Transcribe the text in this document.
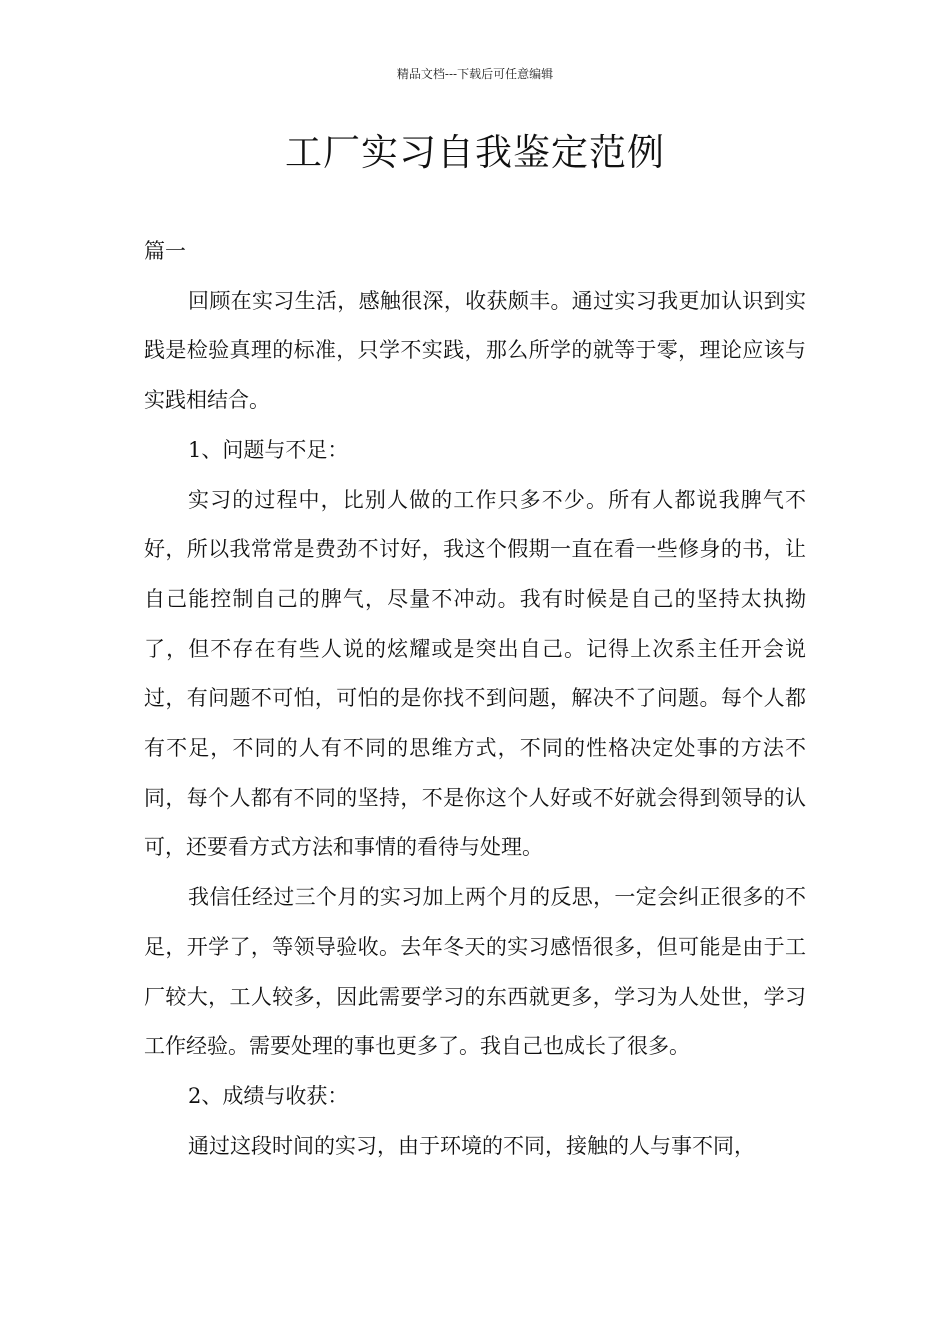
精品文档---下载后可任意编辑
工厂实习自我鉴定范例

篇一

回顾在实习生活，感触很深，收获颇丰。通过实习我更加认识到实践是检验真理的标准，只学不实践，那么所学的就等于零，理论应该与实践相结合。

1、问题与不足：

实习的过程中，比别人做的工作只多不少。所有人都说我脾气不好，所以我常常是费劲不讨好，我这个假期一直在看一些修身的书，让自己能控制自己的脾气，尽量不冲动。我有时候是自己的坚持太执拗了，但不存在有些人说的炫耀或是突出自己。记得上次系主任开会说过，有问题不可怕，可怕的是你找不到问题，解决不了问题。每个人都有不足，不同的人有不同的思维方式，不同的性格决定处事的方法不同，每个人都有不同的坚持，不是你这个人好或不好就会得到领导的认可，还要看方式方法和事情的看待与处理。

我信任经过三个月的实习加上两个月的反思，一定会纠正很多的不足，开学了，等领导验收。去年冬天的实习感悟很多，但可能是由于工厂较大，工人较多，因此需要学习的东西就更多，学习为人处世，学习工作经验。需要处理的事也更多了。我自己也成长了很多。

2、成绩与收获：

通过这段时间的实习，由于环境的不同，接触的人与事不同，
